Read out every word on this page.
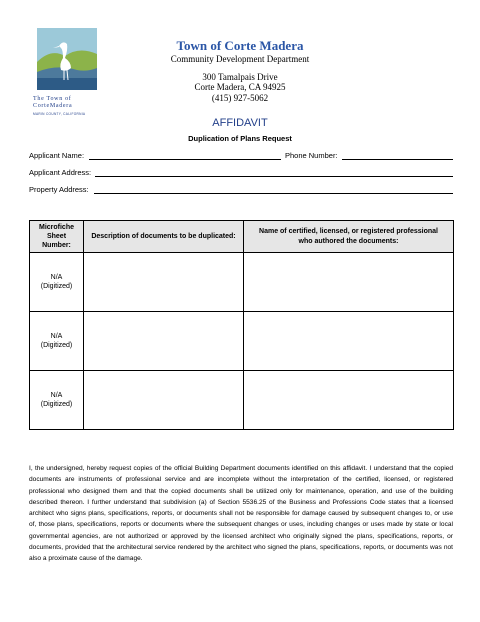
The Town of
CorteMadera
MARIN COUNTY, CALIFORNIA
Town of Corte Madera
Community Development Department
300 Tamalpais Drive
Corte Madera, CA 94925
(415) 927-5062
AFFIDAVIT
Duplication of Plans Request
Applicant Name:	Phone Number:
Applicant Address:
Property Address:
Microfiche Sheet Number:	Description of documents to be duplicated:	Name of certified, licensed, or registered professional who authored the documents:
N/A
(Digitized)		
N/A
(Digitized)		
N/A
(Digitized)		
I, the undersigned, hereby request copies of the official Building Department documents identified on this affidavit. I understand that the copied documents are instruments of professional service and are incomplete without the interpretation of the certified, licensed, or registered professional who designed them and that the copied documents shall be utilized only for maintenance, operation, and use of the building described thereon. I further understand that subdivision (a) of Section 5536.25 of the Business and Professions Code states that a licensed architect who signs plans, specifications, reports, or documents shall not be responsible for damage caused by subsequent changes to, or use of, those plans, specifications, reports or documents where the subsequent changes or uses, including changes or uses made by state or local governmental agencies, are not authorized or approved by the licensed architect who originally signed the plans, specifications, reports, or documents, provided that the architectural service rendered by the architect who signed the plans, specifications, reports, or documents was not also a proximate cause of the damage.
